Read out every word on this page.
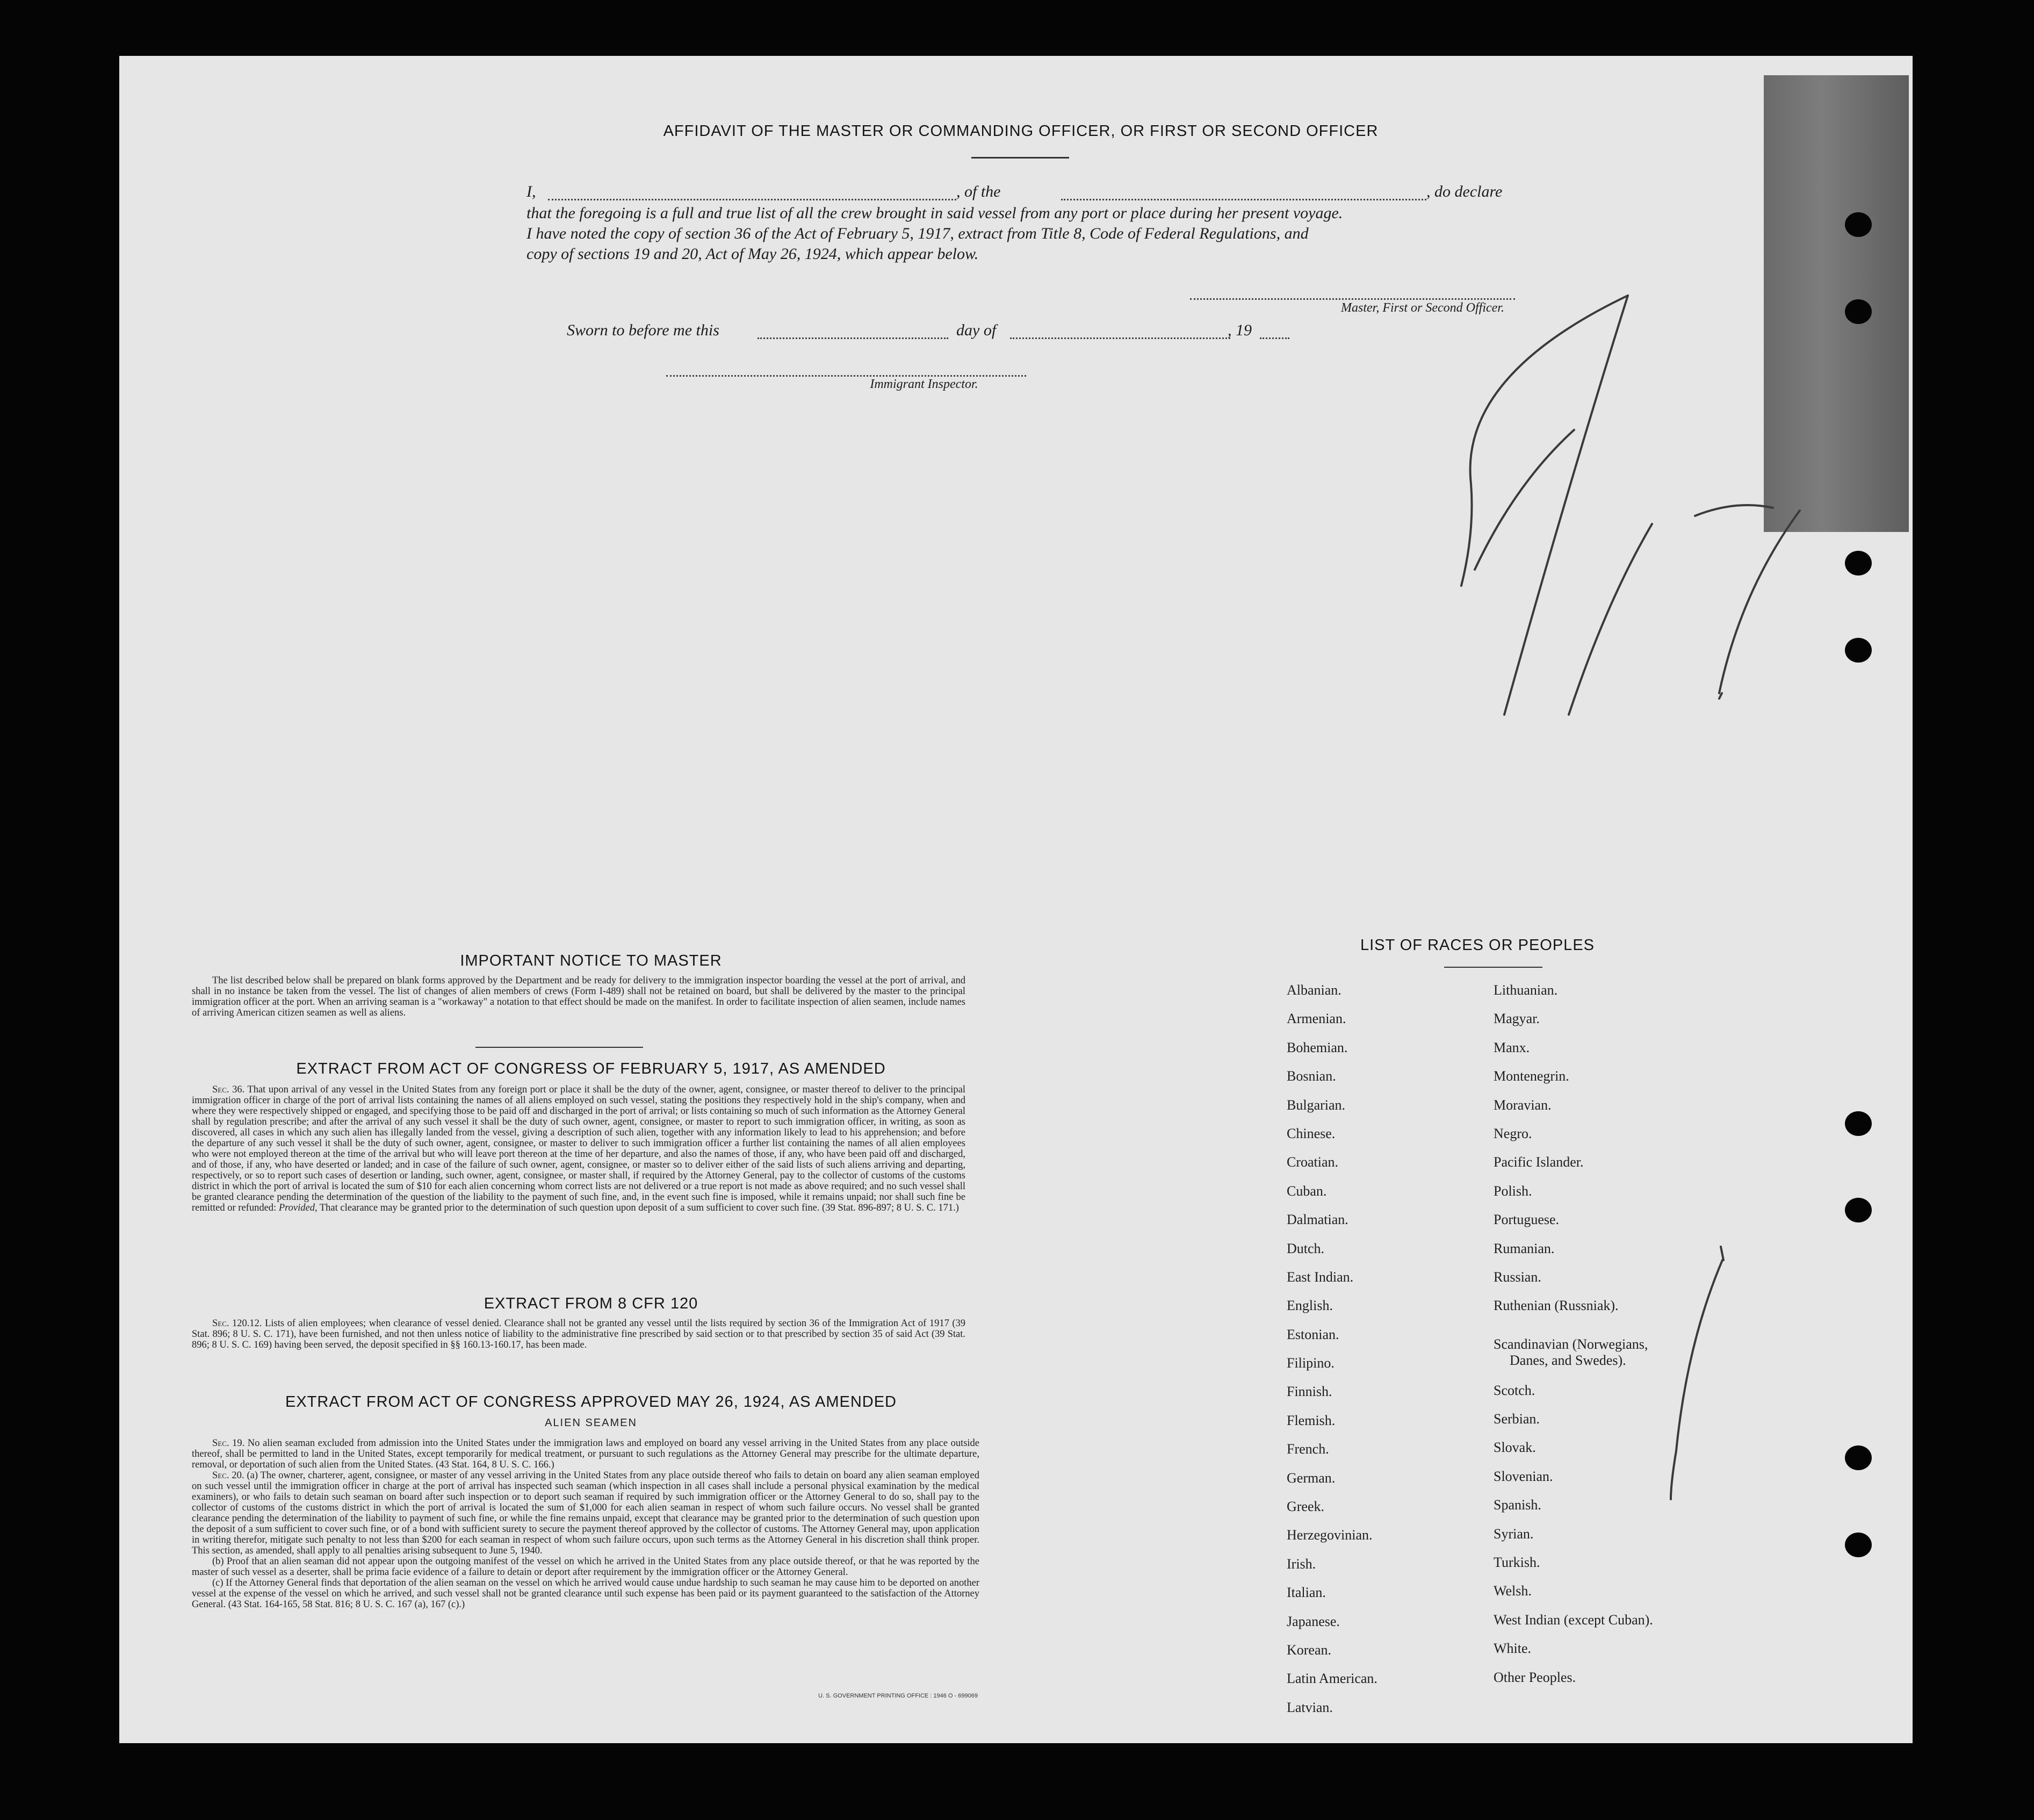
AFFIDAVIT OF THE MASTER OR COMMANDING OFFICER, OR FIRST OR SECOND OFFICER
I,	, of the	, do declare
that the foregoing is a full and true list of all the crew brought in said vessel from any port or place during her present voyage.
I have noted the copy of section 36 of the Act of February 5, 1917, extract from Title 8, Code of Federal Regulations, and
copy of sections 19 and 20, Act of May 26, 1924, which appear below.
Master, First or Second Officer.
Sworn to before me this	day of	, 19
Immigrant Inspector.
IMPORTANT NOTICE TO MASTER

The list described below shall be prepared on blank forms approved by the Department and be ready for delivery to the immigration inspector boarding the vessel at the port of arrival, and shall in no instance be taken from the vessel. The list of changes of alien members of crews (Form I-489) shall not be retained on board, but shall be delivered by the master to the principal immigration officer at the port. When an arriving seaman is a "workaway" a notation to that effect should be made on the manifest. In order to facilitate inspection of alien seamen, include names of arriving American citizen seamen as well as aliens.

EXTRACT FROM ACT OF CONGRESS OF FEBRUARY 5, 1917, AS AMENDED

Sec. 36. That upon arrival of any vessel in the United States from any foreign port or place it shall be the duty of the owner, agent, consignee, or master thereof to deliver to the principal immigration officer in charge of the port of arrival lists containing the names of all aliens employed on such vessel, stating the positions they respectively hold in the ship's company, when and where they were respectively shipped or engaged, and specifying those to be paid off and discharged in the port of arrival; or lists containing so much of such information as the Attorney General shall by regulation prescribe; and after the arrival of any such vessel it shall be the duty of such owner, agent, consignee, or master to report to such immigration officer, in writing, as soon as discovered, all cases in which any such alien has illegally landed from the vessel, giving a description of such alien, together with any information likely to lead to his apprehension; and before the departure of any such vessel it shall be the duty of such owner, agent, consignee, or master to deliver to such immigration officer a further list containing the names of all alien employees who were not employed thereon at the time of the arrival but who will leave port thereon at the time of her departure, and also the names of those, if any, who have been paid off and discharged, and of those, if any, who have deserted or landed; and in case of the failure of such owner, agent, consignee, or master so to deliver either of the said lists of such aliens arriving and departing, respectively, or so to report such cases of desertion or landing, such owner, agent, consignee, or master shall, if required by the Attorney General, pay to the collector of customs of the customs district in which the port of arrival is located the sum of $10 for each alien concerning whom correct lists are not delivered or a true report is not made as above required; and no such vessel shall be granted clearance pending the determination of the question of the liability to the payment of such fine, and, in the event such fine is imposed, while it remains unpaid; nor shall such fine be remitted or refunded: Provided, That clearance may be granted prior to the determination of such question upon deposit of a sum sufficient to cover such fine. (39 Stat. 896-897; 8 U. S. C. 171.)

EXTRACT FROM 8 CFR 120

Sec. 120.12. Lists of alien employees; when clearance of vessel denied. Clearance shall not be granted any vessel until the lists required by section 36 of the Immigration Act of 1917 (39 Stat. 896; 8 U. S. C. 171), have been furnished, and not then unless notice of liability to the administrative fine prescribed by said section or to that prescribed by section 35 of said Act (39 Stat. 896; 8 U. S. C. 169) having been served, the deposit specified in §§ 160.13-160.17, has been made.

EXTRACT FROM ACT OF CONGRESS APPROVED MAY 26, 1924, AS AMENDED
ALIEN SEAMEN

Sec. 19. No alien seaman excluded from admission into the United States under the immigration laws and employed on board any vessel arriving in the United States from any place outside thereof, shall be permitted to land in the United States, except temporarily for medical treatment, or pursuant to such regulations as the Attorney General may prescribe for the ultimate departure, removal, or deportation of such alien from the United States. (43 Stat. 164, 8 U. S. C. 166.)

Sec. 20. (a) The owner, charterer, agent, consignee, or master of any vessel arriving in the United States from any place outside thereof who fails to detain on board any alien seaman employed on such vessel until the immigration officer in charge at the port of arrival has inspected such seaman (which inspection in all cases shall include a personal physical examination by the medical examiners), or who fails to detain such seaman on board after such inspection or to deport such seaman if required by such immigration officer or the Attorney General to do so, shall pay to the collector of customs of the customs district in which the port of arrival is located the sum of $1,000 for each alien seaman in respect of whom such failure occurs. No vessel shall be granted clearance pending the determination of the liability to payment of such fine, or while the fine remains unpaid, except that clearance may be granted prior to the determination of such question upon the deposit of a sum sufficient to cover such fine, or of a bond with sufficient surety to secure the payment thereof approved by the collector of customs. The Attorney General may, upon application in writing therefor, mitigate such penalty to not less than $200 for each seaman in respect of whom such failure occurs, upon such terms as the Attorney General in his discretion shall think proper. This section, as amended, shall apply to all penalties arising subsequent to June 5, 1940.

(b) Proof that an alien seaman did not appear upon the outgoing manifest of the vessel on which he arrived in the United States from any place outside thereof, or that he was reported by the master of such vessel as a deserter, shall be prima facie evidence of a failure to detain or deport after requirement by the immigration officer or the Attorney General.

(c) If the Attorney General finds that deportation of the alien seaman on the vessel on which he arrived would cause undue hardship to such seaman he may cause him to be deported on another vessel at the expense of the vessel on which he arrived, and such vessel shall not be granted clearance until such expense has been paid or its payment guaranteed to the satisfaction of the Attorney General. (43 Stat. 164-165, 58 Stat. 816; 8 U. S. C. 167 (a), 167 (c).)

U. S. GOVERNMENT PRINTING OFFICE : 1946 O - 699069
LIST OF RACES OR PEOPLES
Albanian.
Armenian.
Bohemian.
Bosnian.
Bulgarian.
Chinese.
Croatian.
Cuban.
Dalmatian.
Dutch.
East Indian.
English.
Estonian.
Filipino.
Finnish.
Flemish.
French.
German.
Greek.
Herzegovinian.
Irish.
Italian.
Japanese.
Korean.
Latin American.
Latvian.
Lithuanian.
Magyar.
Manx.
Montenegrin.
Moravian.
Negro.
Pacific Islander.
Polish.
Portuguese.
Rumanian.
Russian.
Ruthenian (Russniak).
Scandinavian (Norwegians,
Danes, and Swedes).
Scotch.
Serbian.
Slovak.
Slovenian.
Spanish.
Syrian.
Turkish.
Welsh.
West Indian (except Cuban).
White.
Other Peoples.
